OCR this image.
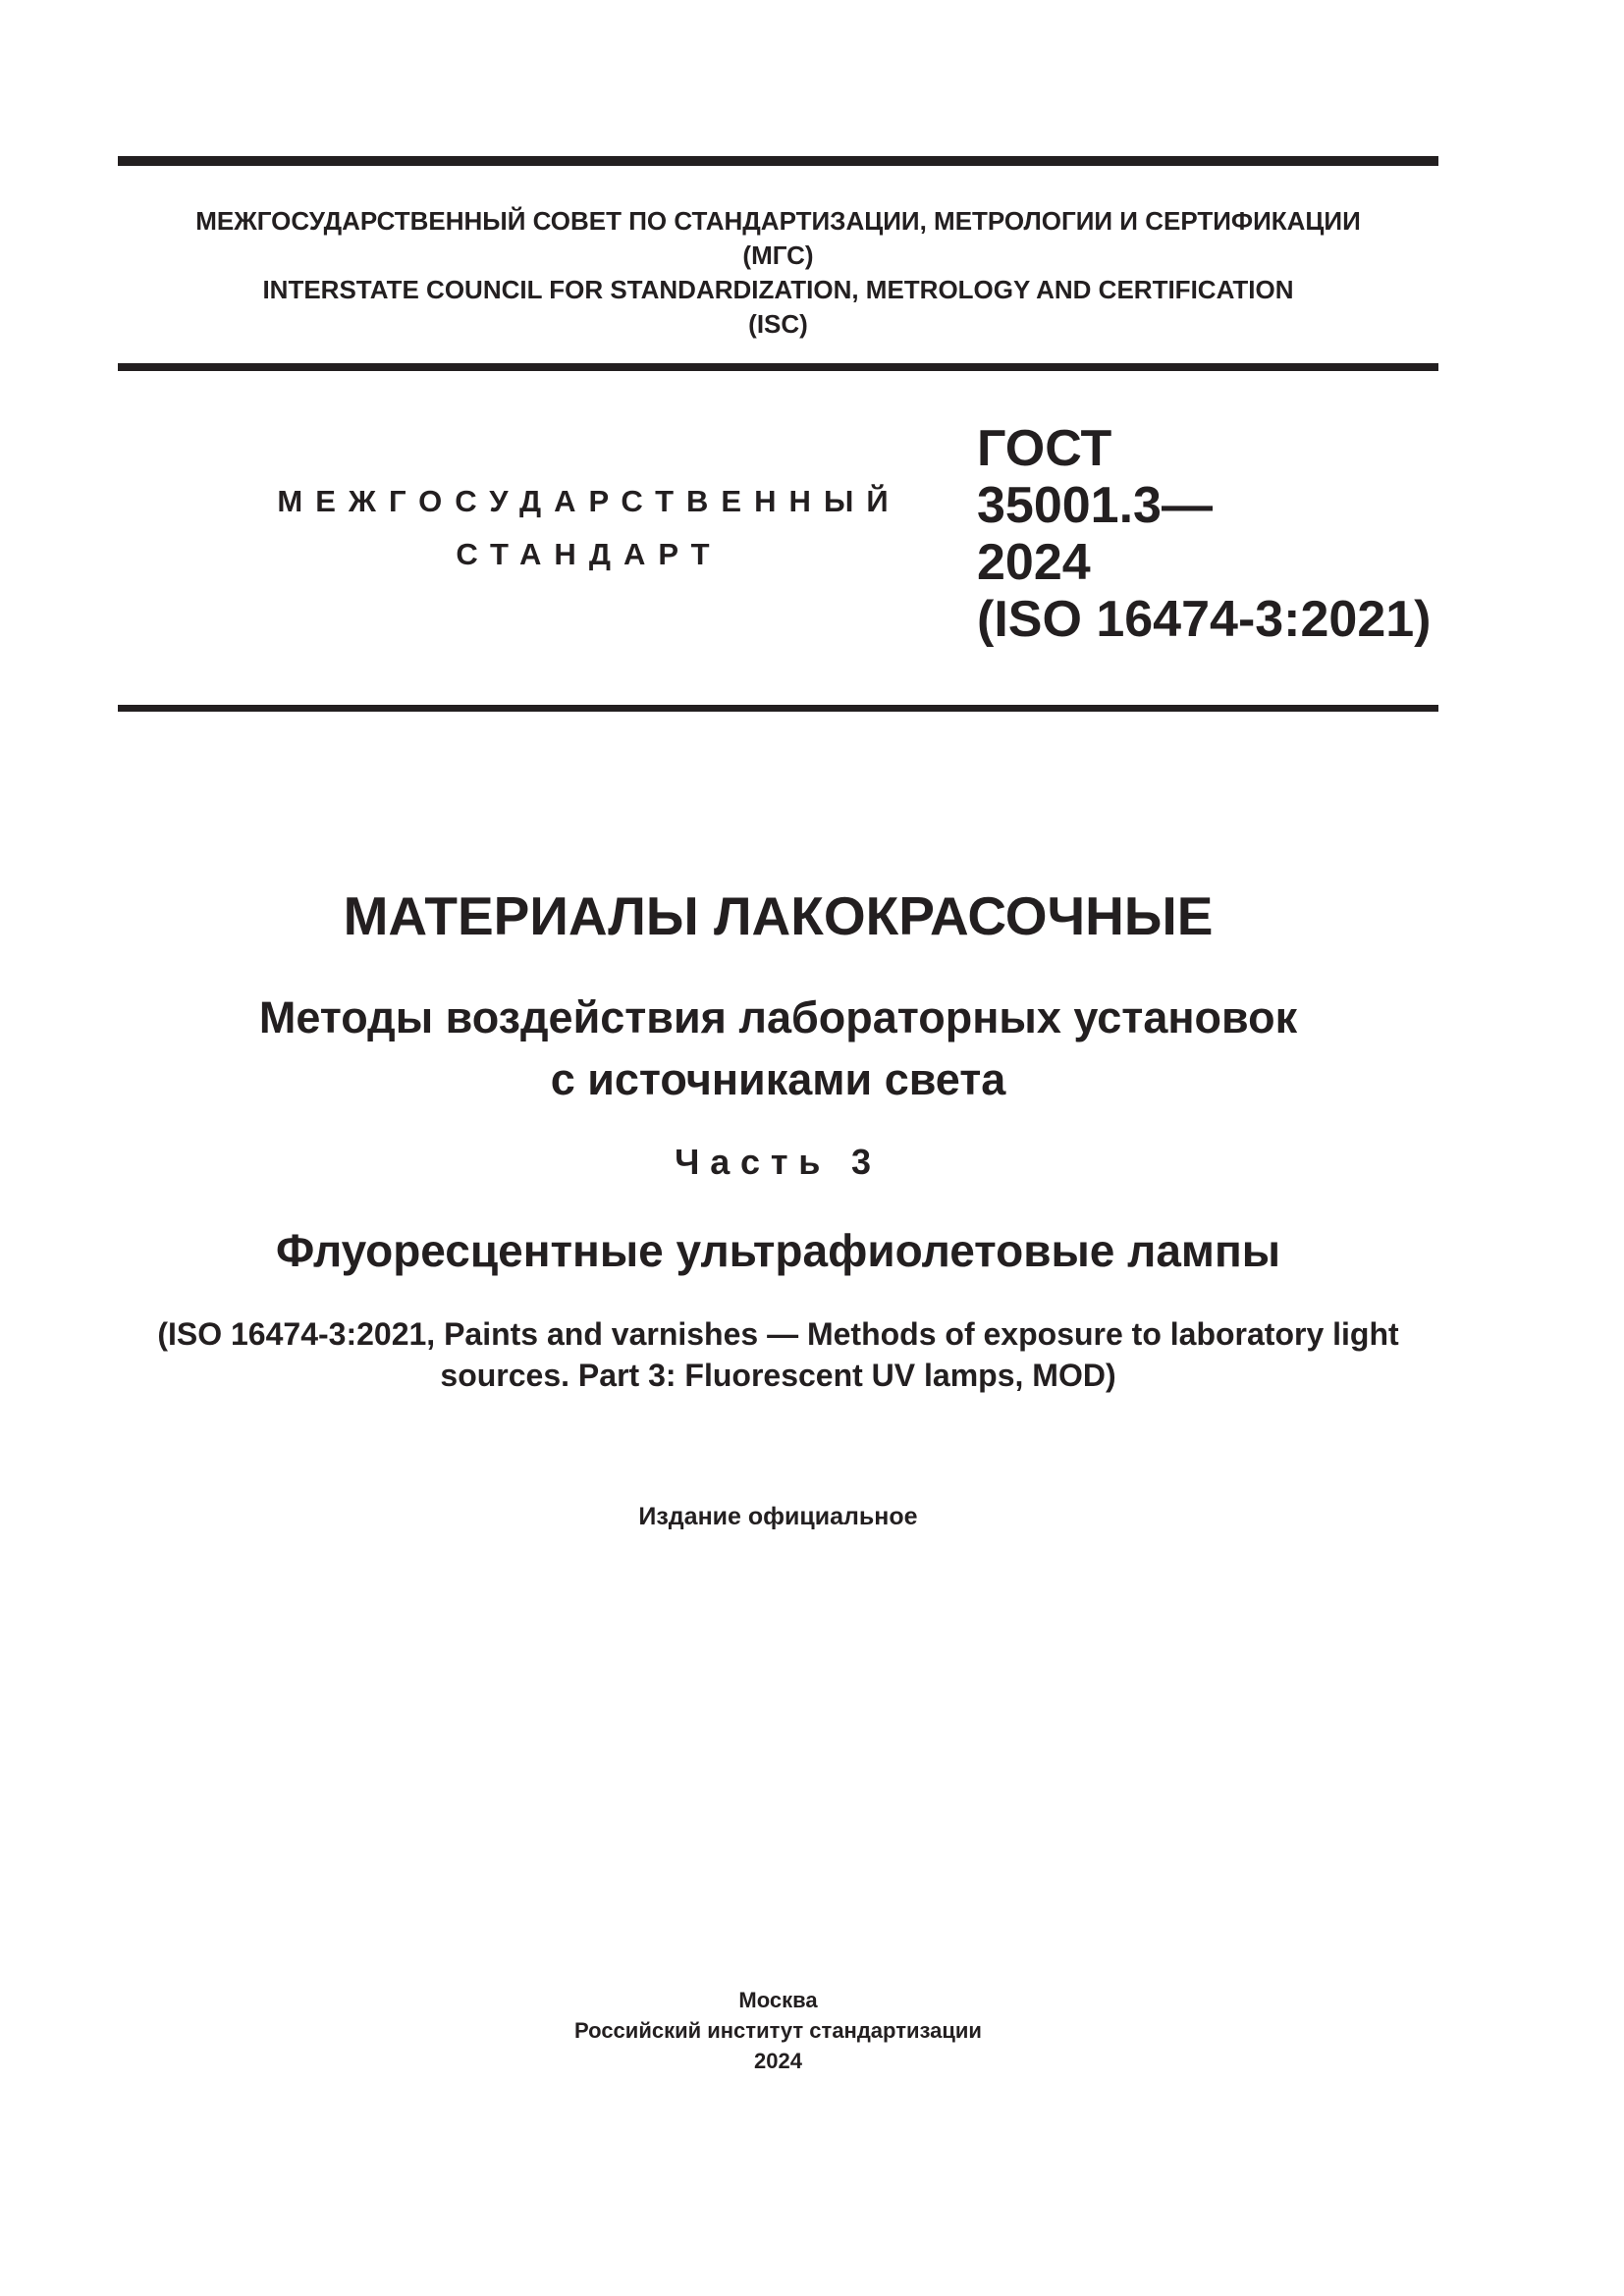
МЕЖГОСУДАРСТВЕННЫЙ СОВЕТ ПО СТАНДАРТИЗАЦИИ, МЕТРОЛОГИИ И СЕРТИФИКАЦИИ
(МГС)
INTERSTATE COUNCIL FOR STANDARDIZATION, METROLOGY AND CERTIFICATION
(ISC)
МЕЖГОСУДАРСТВЕННЫЙ
СТАНДАРТ
ГОСТ
35001.3—
2024
(ISO 16474-3:2021)
МАТЕРИАЛЫ ЛАКОКРАСОЧНЫЕ
Методы воздействия лабораторных установок
с источниками света
Часть 3
Флуоресцентные ультрафиолетовые лампы
(ISO 16474-3:2021, Paints and varnishes — Methods of exposure to laboratory light
sources. Part 3: Fluorescent UV lamps, MOD)
Издание официальное
Москва
Российский институт стандартизации
2024
